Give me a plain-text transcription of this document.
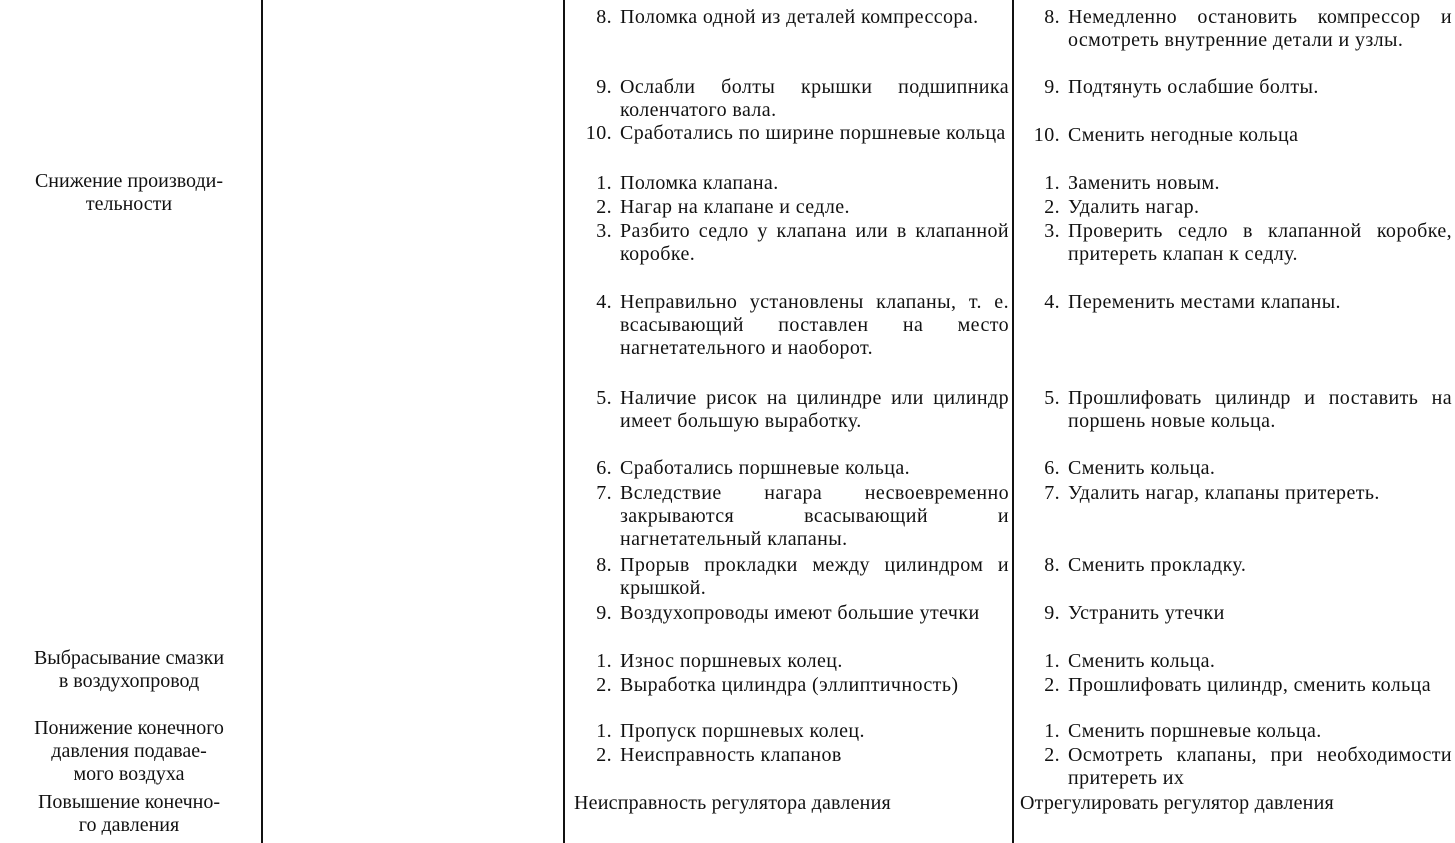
Снижение производи-
тельности
Выбрасывание смазки
в воздухопровод
Понижение конечного
давления подавае-
мого воздуха
Повышение конечно-
го давления
8. Поломка одной из деталей компрессора.
9. Ослабли болты крышки подшипника коленчатого вала.
10. Сработались по ширине поршневые кольца
1. Поломка клапана.
2. Нагар на клапане и седле.
3. Разбито седло у клапана или в клапанной коробке.
4. Неправильно установлены клапаны, т. е. всасывающий поставлен на место нагнетательного и наоборот.
5. Наличие рисок на цилиндре или цилиндр имеет большую выработку.
6. Сработались поршневые кольца.
7. Вследствие нагара несвоевременно закрываются всасывающий и нагнетательный клапаны.
8. Прорыв прокладки между цилиндром и крышкой.
9. Воздухопроводы имеют большие утечки
1. Износ поршневых колец.
2. Выработка цилиндра (эллиптичность)
1. Пропуск поршневых колец.
2. Неисправность клапанов
Неисправность регулятора давления
8. Немедленно остановить компрессор и осмотреть внутренние детали и узлы.
9. Подтянуть ослабшие болты.
10. Сменить негодные кольца
1. Заменить новым.
2. Удалить нагар.
3. Проверить седло в клапанной коробке, притереть клапан к седлу.
4. Переменить местами клапаны.
5. Прошлифовать цилиндр и поставить на поршень новые кольца.
6. Сменить кольца.
7. Удалить нагар, клапаны притереть.
8. Сменить прокладку.
9. Устранить утечки
1. Сменить кольца.
2. Прошлифовать цилиндр, сменить кольца
1. Сменить поршневые кольца.
2. Осмотреть клапаны, при необходимости притереть их
Отрегулировать регулятор давления
